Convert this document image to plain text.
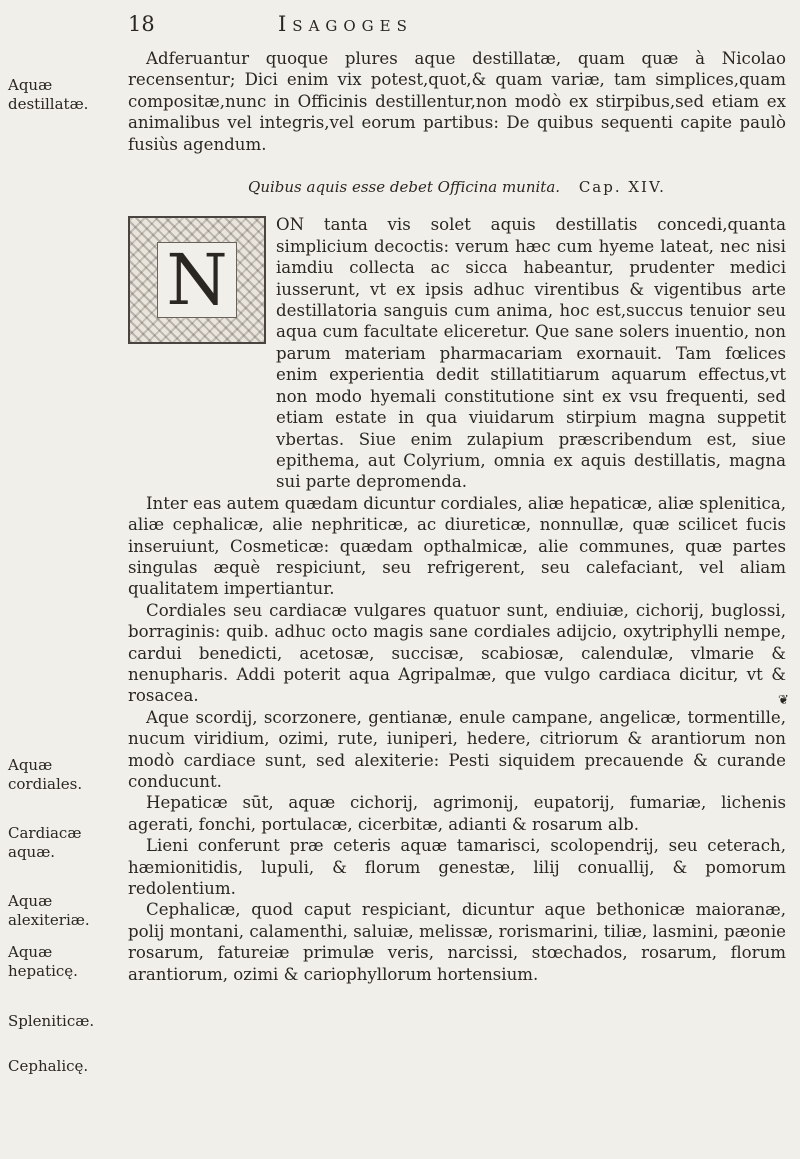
18	Isagoges

Adferuantur quoque plures aque destillatæ, quam quæ à Nicolao recensentur; Dici enim vix potest,quot,& quam variæ, tam simplices,quam compositæ,nunc in Officinis destillentur,non modò ex stirpibus,sed etiam ex animalibus vel integris,vel eorum partibus: De quibus sequenti capite paulò fusiùs agendum.

Quibus aquis esse debet Officina munita. Cap. XIV.
N

ON tanta vis solet aquis destillatis concedi,quanta simplicium decoctis: verum hæc cum hyeme lateat, nec nisi iamdiu collecta ac sicca habeantur, prudenter medici iusserunt, vt ex ipsis adhuc virentibus & vigentibus arte destillatoria sanguis cum anima, hoc est,succus tenuior seu aqua cum facultate eliceretur. Que sane solers inuentio, non parum materiam pharmacariam exornauit. Tam fœlices enim experientia dedit stillatitiarum aquarum effectus,vt non modo hyemali constitutione sint ex vsu frequenti, sed etiam estate in qua viuidarum stirpium magna suppetit vbertas. Siue enim zulapium præscribendum est, siue epithema, aut Colyrium, omnia ex aquis destillatis, magna sui parte depromenda.

Inter eas autem quædam dicuntur cordiales, aliæ hepaticæ, aliæ splenitica, aliæ cephalicæ, alie nephriticæ, ac diureticæ, nonnullæ, quæ scilicet fucis inseruiunt, Cosmeticæ: quædam opthalmicæ, alie communes, quæ partes singulas æquè respiciunt, seu refrigerent, seu calefaciant, vel aliam qualitatem impertiantur.

Cordiales seu cardiacæ vulgares quatuor sunt, endiuiæ, cichorij, buglossi, borraginis: quib. adhuc octo magis sane cordiales adijcio, oxytriphylli nempe, cardui benedicti, acetosæ, succisæ, scabiosæ, calendulæ, vlmarie & nenupharis. Addi poterit aqua Agripalmæ, que vulgo cardiaca dicitur, vt & rosacea.

Aque scordij, scorzonere, gentianæ, enule campane, angelicæ, tormentille, nucum viridium, ozimi, rute, iuniperi, hedere, citriorum & arantiorum non modò cardiace sunt, sed alexiterie: Pesti siquidem precauende & curande conducunt.

Hepaticæ sūt, aquæ cichorij, agrimonij, eupatorij, fumariæ, lichenis agerati, fonchi, portulacæ, cicerbitæ, adianti & rosarum alb.

Lieni conferunt præ ceteris aquæ tamarisci, scolopendrij, seu ceterach, hæmionitidis, lupuli, & florum genestæ, lilij conuallij, & pomorum redolentium.

Cephalicæ, quod caput respiciant, dicuntur aque bethonicæ maioranæ, polij montani, calamenthi, saluiæ, melissæ, rorismarini, tiliæ, lasmini, pæonie rosarum, fatureiæ primulæ veris, narcissi, stœchados, rosarum, florum arantiorum, ozimi & cariophyllorum hortensium.

Aquæ destillatæ.
Aquæ cordiales.
Cardiacæ aquæ.
Aquæ alexiteriæ.
Aquæ hepaticę.
Spleniticæ.
Cephalicę.
❦
